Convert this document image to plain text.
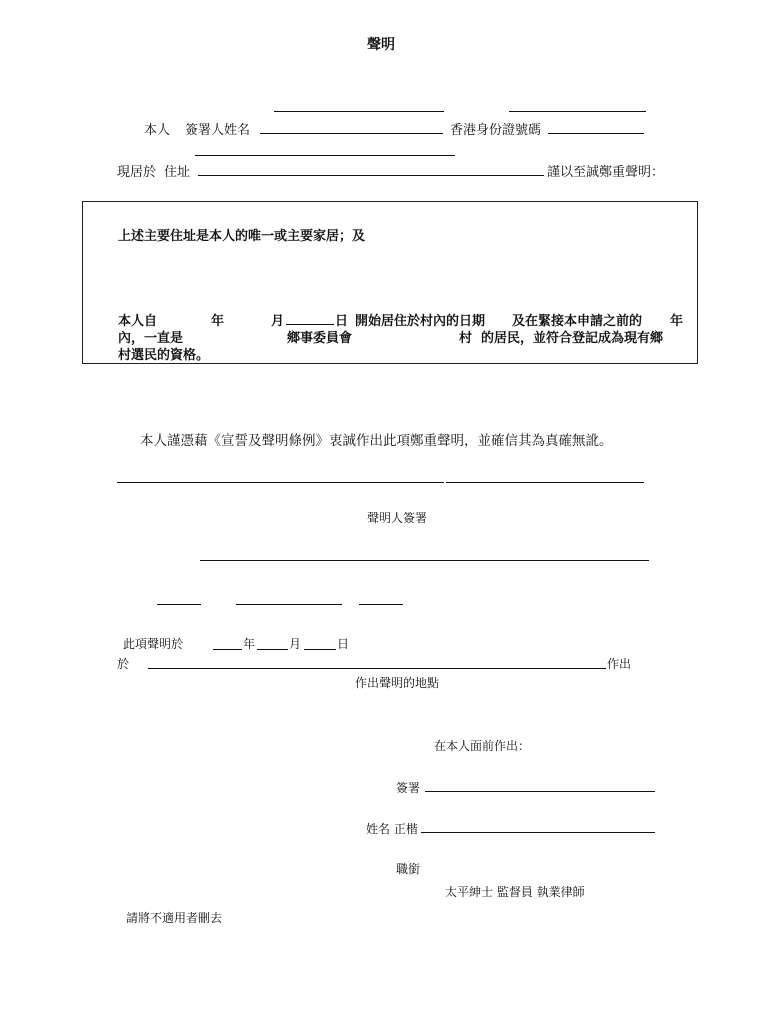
聲明
本人 簽署人姓名	香港身份證號碼
現居於 住址	謹以至誠鄭重聲明：
上述主要住址是本人的唯一或主要家居；及
本人自	年	月	日 開始居住於村內的日期 及在緊接本申請之前的 年
內，一直是	鄉事委員會	村 的居民，並符合登記成為現有鄉
村選民的資格。
本人謹憑藉《宣誓及聲明條例》衷誠作出此項鄭重聲明，並確信其為真確無訛。
聲明人簽署
此項聲明於	年	月	日
於	作出
作出聲明的地點
在本人面前作出：
簽署
姓名 正楷
職銜
太平紳士 監督員 執業律師
請將不適用者刪去
